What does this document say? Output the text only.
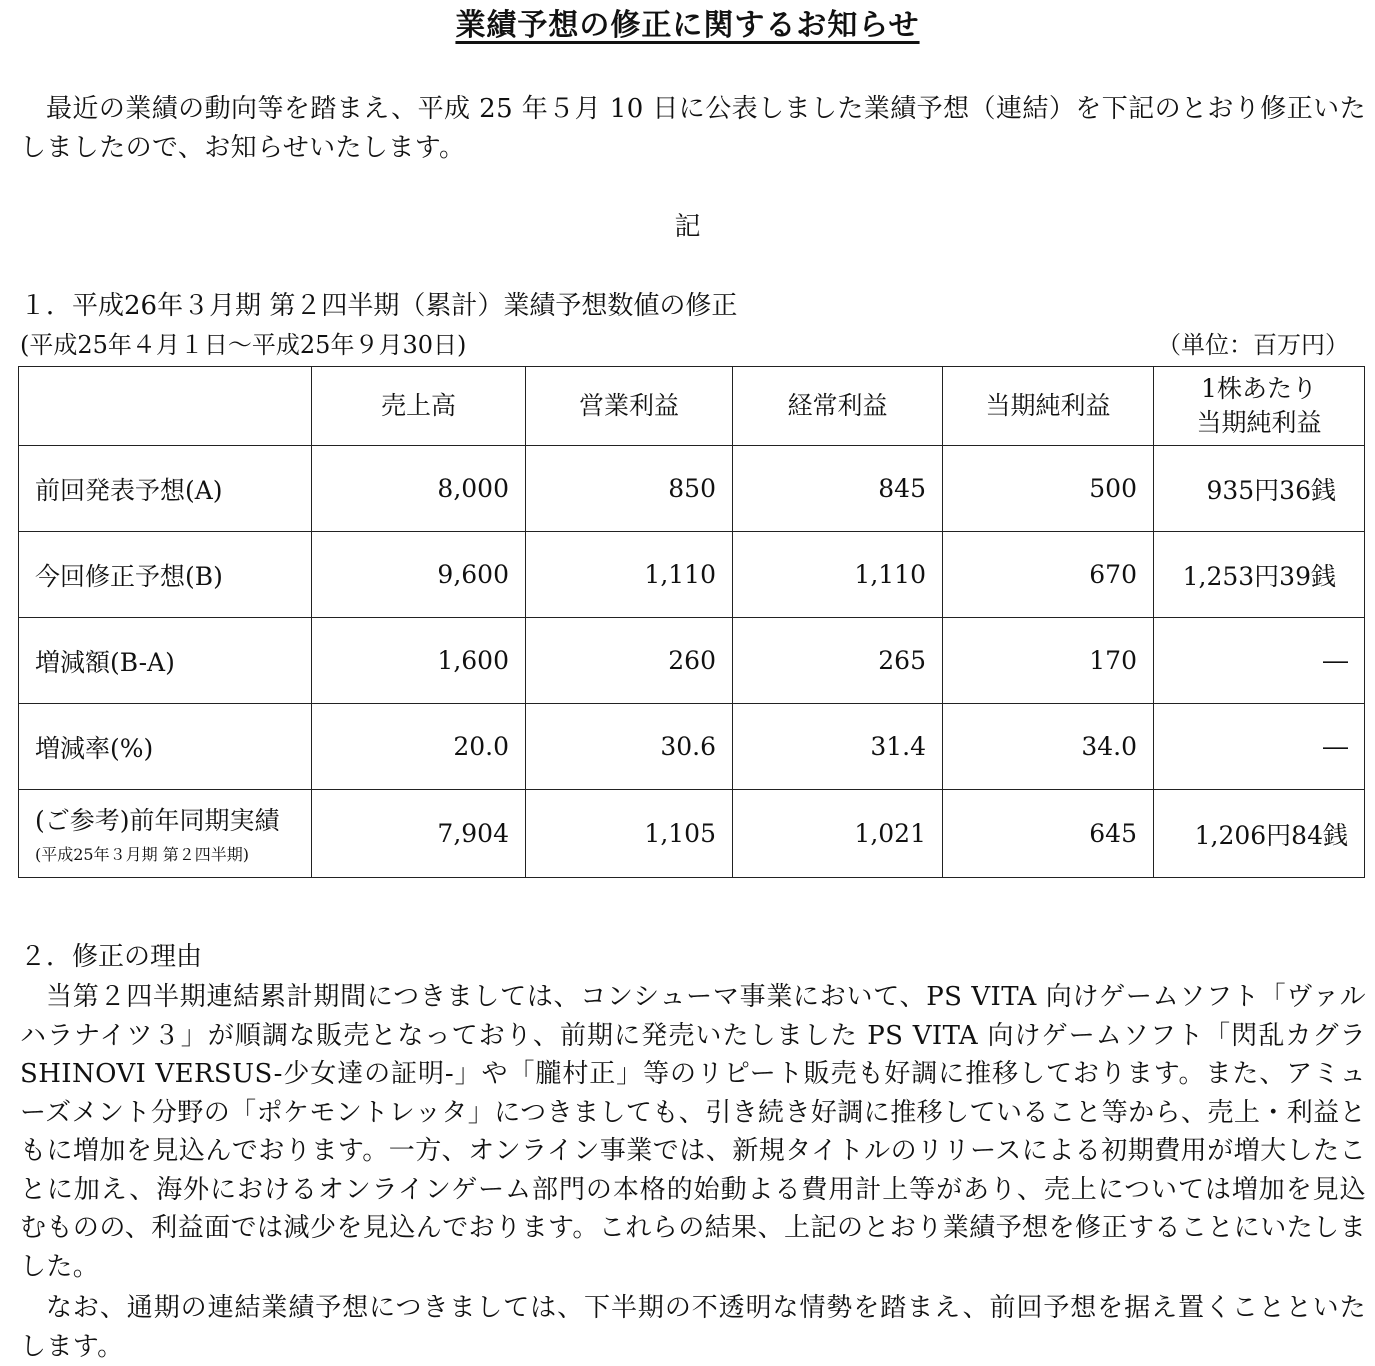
業績予想の修正に関するお知らせ
最近の業績の動向等を踏まえ、平成 25 年５月 10 日に公表しました業績予想（連結）を下記のとおり修正いたしましたので、お知らせいたします。
記
１．平成26年３月期 第２四半期（累計）業績予想数値の修正
(平成25年４月１日～平成25年９月30日)	（単位：百万円）
	売上高	営業利益	経常利益	当期純利益	1株あたり
当期純利益

前回発表予想(A)	8,000	850	845	500	935円36銭
今回修正予想(B)	9,600	1,110	1,110	670	1,253円39銭
増減額(B-A)	1,600	260	265	170	―
増減率(%)	20.0	30.6	31.4	34.0	―

(ご参考)前年同期実績
(平成25年３月期 第２四半期)	7,904	1,105	1,021	645	1,206円84銭
２．修正の理由
当第２四半期連結累計期間につきましては、コンシューマ事業において、PS VITA 向けゲームソフト「ヴァルハラナイツ３」が順調な販売となっており、前期に発売いたしました PS VITA 向けゲームソフト「閃乱カグラ SHINOVI VERSUS-少女達の証明-」や「朧村正」等のリピート販売も好調に推移しております。また、アミューズメント分野の「ポケモントレッタ」につきましても、引き続き好調に推移していること等から、売上・利益ともに増加を見込んでおります。一方、オンライン事業では、新規タイトルのリリースによる初期費用が増大したことに加え、海外におけるオンラインゲーム部門の本格的始動よる費用計上等があり、売上については増加を見込むものの、利益面では減少を見込んでおります。これらの結果、上記のとおり業績予想を修正することにいたしました。
なお、通期の連結業績予想につきましては、下半期の不透明な情勢を踏まえ、前回予想を据え置くことといたします。
